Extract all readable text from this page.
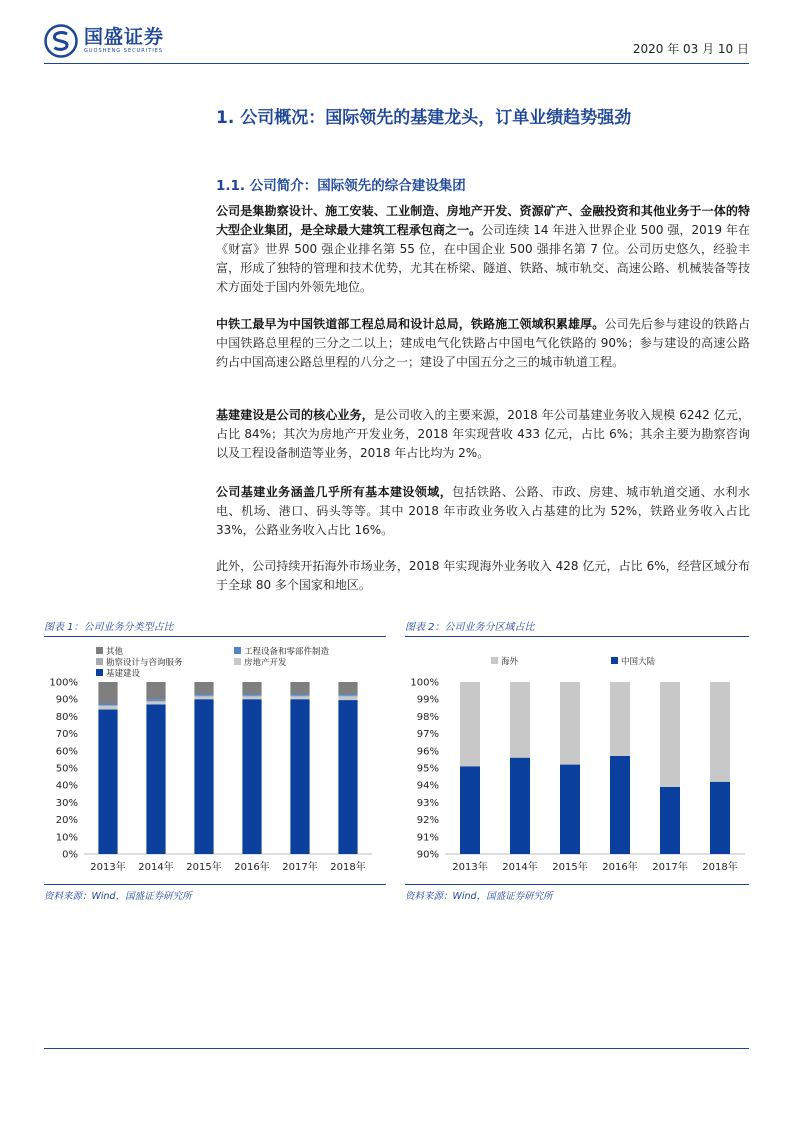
国盛证券
GUOSHENG SECURITIES	2020 年 03 月 10 日
1. 公司概况：国际领先的基建龙头，订单业绩趋势强劲
1.1. 公司简介：国际领先的综合建设集团

公司是集勘察设计、施工安装、工业制造、房地产开发、资源矿产、金融投资和其他业务于一体的特大型企业集团，是全球最大建筑工程承包商之一。公司连续 14 年进入世界企业 500 强，2019 年在《财富》世界 500 强企业排名第 55 位，在中国企业 500 强排名第 7 位。公司历史悠久，经验丰富，形成了独特的管理和技术优势，尤其在桥梁、隧道、铁路、城市轨交、高速公路、机械装备等技术方面处于国内外领先地位。

中铁工最早为中国铁道部工程总局和设计总局，铁路施工领域积累雄厚。公司先后参与建设的铁路占中国铁路总里程的三分之二以上；建成电气化铁路占中国电气化铁路的 90%；参与建设的高速公路约占中国高速公路总里程的八分之一；建设了中国五分之三的城市轨道工程。

基建建设是公司的核心业务，是公司收入的主要来源，2018 年公司基建业务收入规模 6242 亿元，占比 84%；其次为房地产开发业务，2018 年实现营收 433 亿元，占比 6%；其余主要为勘察咨询以及工程设备制造等业务，2018 年占比均为 2%。

公司基建业务涵盖几乎所有基本建设领域，包括铁路、公路、市政、房建、城市轨道交通、水利水电、机场、港口、码头等等。其中 2018 年市政业务收入占基建的比为 52%，铁路业务收入占比 33%，公路业务收入占比 16%。

此外，公司持续开拓海外市场业务，2018 年实现海外业务收入 428 亿元，占比 6%，经营区域分布于全球 80 多个国家和地区。

图表 1：公司业务分类型占比
0%
10%
20%
30%
40%
50%
60%
70%
80%
90%
100%
2013年 2014年 2015年 2016年 2017年 2018年
其他	工程设备和零部件制造
勘察设计与咨询服务	房地产开发
基建建设
资料来源：Wind，国盛证券研究所
图表 2：公司业务分区域占比
90%
91%
92%
93%
94%
95%
96%
97%
98%
99%
100%
2013年 2014年 2015年 2016年 2017年 2018年
海外	中国大陆
资料来源：Wind，国盛证券研究所
